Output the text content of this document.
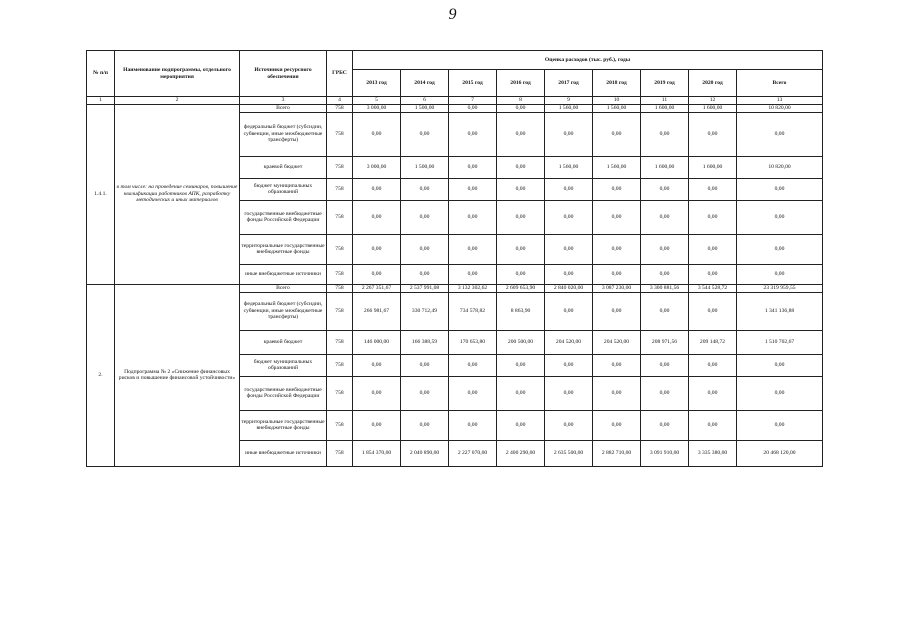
9
№ п/п	Наименование подпрограммы, отдельного мероприятия	Источники ресурсного обеспечения	ГРБС	Оценка расходов (тыс. руб.), годы								
				2013 год	2014 год	2015 год	2016 год	2017 год	2018 год	2019 год	2020 год	Всего
1	2	3	4	5	6	7	8	9	10	11	12	13
1.4.1.	в том числе: на проведение семинаров, повышение квалификации работников АПК, разработку методических и иных материалов	Всего	758	3 000,00	1 500,00	0,00	0,00	1 560,00	1 560,00	1 600,00	1 600,00	10 820,00
		федеральный бюджет (субсидии, субвенции, иные межбюджетные трансферты)	758	0,00	0,00	0,00	0,00	0,00	0,00	0,00	0,00	0,00
		краевой бюджет	758	3 000,00	1 500,00	0,00	0,00	1 560,00	1 560,00	1 600,00	1 600,00	10 820,00
		бюджет муниципальных образований	758	0,00	0,00	0,00	0,00	0,00	0,00	0,00	0,00	0,00
		государственные внебюджетные фонды Российской Федерации	758	0,00	0,00	0,00	0,00	0,00	0,00	0,00	0,00	0,00
		территориальные государственные внебюджетные фонды	758	0,00	0,00	0,00	0,00	0,00	0,00	0,00	0,00	0,00
		иные внебюджетные источники	758	0,00	0,00	0,00	0,00	0,00	0,00	0,00	0,00	0,00
2.	Подпрограмма № 2 «Снижение финансовых рисков и повышение финансовой устойчивости»	Всего	758	2 267 351,67	2 537 991,08	3 132 302,62	2 609 653,90	2 840 020,00	3 087 230,00	3 300 881,56	3 544 528,72	23 319 959,55
		федеральный бюджет (субсидии, субвенции, иные межбюджетные трансферты)	758	266 981,67	330 712,49	734 578,82	8 863,90	0,00	0,00	0,00	0,00	1 341 136,88
		краевой бюджет	758	146 000,00	166 388,59	170 653,80	200 500,00	204 520,00	204 520,00	208 971,56	209 148,72	1 510 702,67
		бюджет муниципальных образований	758	0,00	0,00	0,00	0,00	0,00	0,00	0,00	0,00	0,00
		государственные внебюджетные фонды Российской Федерации	758	0,00	0,00	0,00	0,00	0,00	0,00	0,00	0,00	0,00
		территориальные государственные внебюджетные фонды	758	0,00	0,00	0,00	0,00	0,00	0,00	0,00	0,00	0,00
		иные внебюджетные источники	758	1 854 370,00	2 040 890,00	2 227 070,00	2 400 290,00	2 635 500,00	2 882 710,00	3 091 910,00	3 335 380,00	20 468 120,00
